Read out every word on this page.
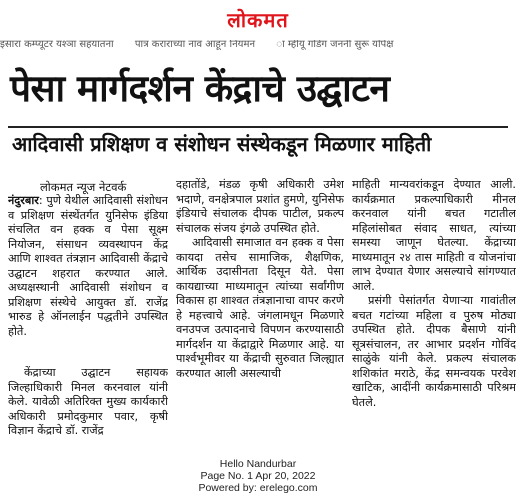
लोकमत
इसारा कम्प्यूटर यश्ञा संहयातना पात्र कराराच्या नाव आहून नियमन ा म्हीयू गडिग जननी सुरू योपेक्ष
पेसा मार्गदर्शन केंद्राचे उद्घाटन
आदिवासी प्रशिक्षण व संशोधन संस्थेकडून मिळणार माहिती
लोकमत न्यूज नेटवर्क

नंदुरबार: पुणे येथील आदिवासी संशोधन व प्रशिक्षण संस्थेंतर्गत युनिसेफ इंडिया संचलित वन हक्क व पेसा सूक्ष्म नियोजन, संसाधन व्यवस्थापन केंद्र आणि शाश्वत तंत्रज्ञान आदिवासी केंद्राचे उद्घाटन शहरात करण्यात आले. अध्यक्षस्थानी आदिवासी संशोधन व प्रशिक्षण संस्थेचे आयुक्त डॉ. राजेंद्र भारुड हे ऑनलाईन पद्धतीने उपस्थित होते.

केंद्राच्या उद्घाटन सहायक जिल्हाधिकारी मिनल करनवाल यांनी केले. यावेळी अतिरिक्त मुख्य कार्यकारी अधिकारी प्रमोदकुमार पवार, कृषी विज्ञान केंद्राचे डॉ. राजेंद्र

दहातोंडे, मंडळ कृषी अधिकारी उमेश भदाणे, वनक्षेत्रपाल प्रशांत हुमणे, युनिसेफ इंडियाचे संचालक दीपक पाटील, प्रकल्प संचालक संजय इंगळे उपस्थित होते.

आदिवासी समाजात वन हक्क व पेसा कायदा तसेच सामाजिक, शैक्षणिक, आर्थिक उदासीनता दिसून येते. पेसा कायद्याच्या माध्यमातून त्यांच्या सर्वांगीण विकास हा शाश्वत तंत्रज्ञानाचा वापर करणे हे महत्त्वाचे आहे. जंगलामधून मिळणारे वनउपज उत्पादनाचे विपणन करण्यासाठी मार्गदर्शन या केंद्राद्वारे मिळणार आहे. या पार्श्वभूमीवर या केंद्राची सुरुवात जिल्ह्यात करण्यात आली असल्याची

माहिती मान्यवरांकडून देण्यात आली. कार्यक्रमात प्रकल्पाधिकारी मीनल करनवाल यांनी बचत गटातील महिलांसोबत संवाद साधत, त्यांच्या समस्या जाणून घेतल्या. केंद्राच्या माध्यमातून २४ तास माहिती व योजनांचा लाभ देण्यात येणार असल्याचे सांगण्यात आले.

प्रसंगी पेसांतर्गत येणाऱ्या गावांतील बचत गटांच्या महिला व पुरुष मोठ्या उपस्थित होते. दीपक बैसाणे यांनी सूत्रसंचालन, तर आभार प्रदर्शन गोविंद साळुंके यांनी केले. प्रकल्प संचालक शशिकांत मराठे, केंद्र समन्वयक परवेश खाटिक, आदींनी कार्यक्रमासाठी परिश्रम घेतले.

Hello Nandurbar
Page No. 1 Apr 20, 2022
Powered by: erelego.com
